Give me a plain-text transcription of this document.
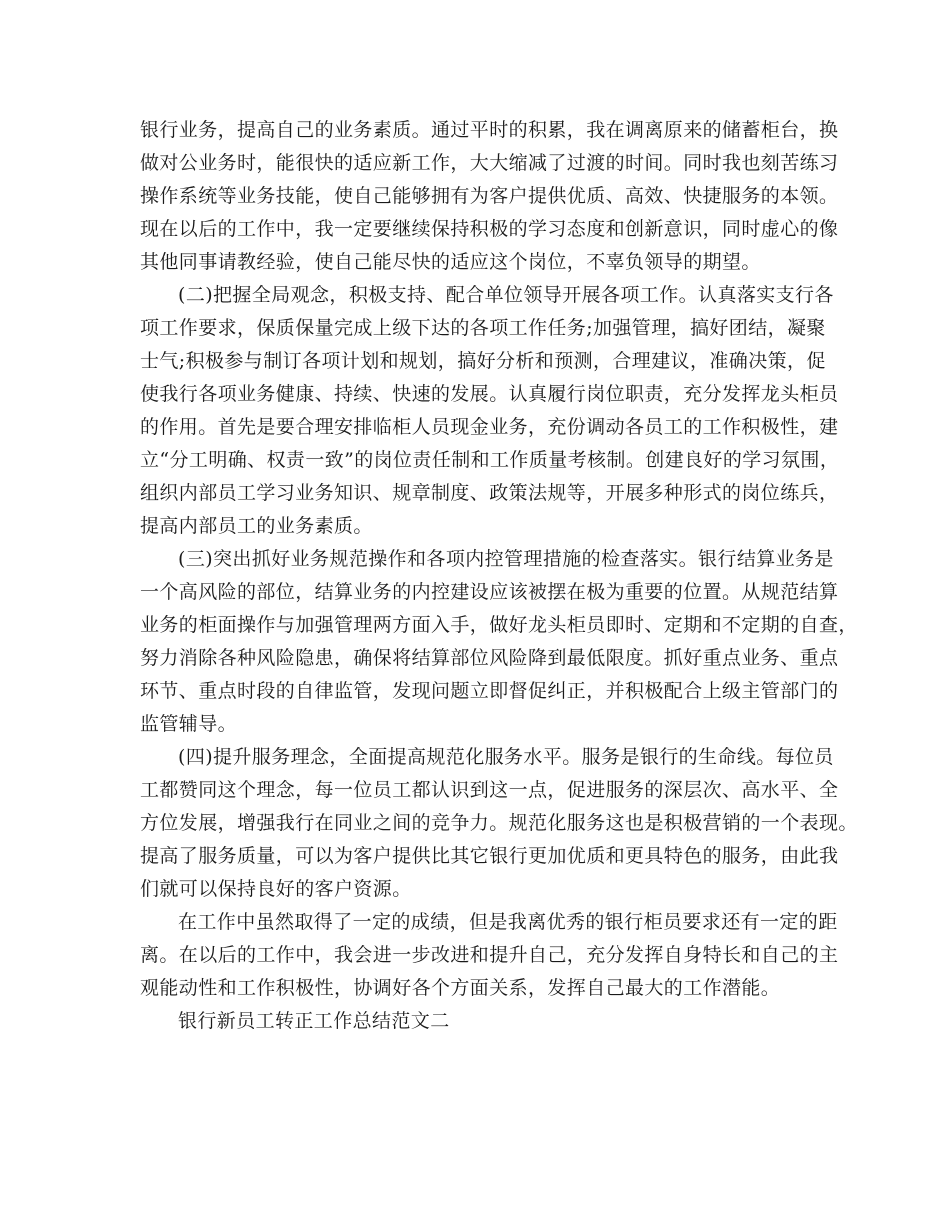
银行业务，提高自己的业务素质。通过平时的积累，我在调离原来的储蓄柜台，换
做对公业务时，能很快的适应新工作，大大缩减了过渡的时间。同时我也刻苦练习
操作系统等业务技能，使自己能够拥有为客户提供优质、高效、快捷服务的本领。
现在以后的工作中，我一定要继续保持积极的学习态度和创新意识，同时虚心的像
其他同事请教经验，使自己能尽快的适应这个岗位，不辜负领导的期望。
(二)把握全局观念，积极支持、配合单位领导开展各项工作。认真落实支行各
项工作要求，保质保量完成上级下达的各项工作任务;加强管理，搞好团结，凝聚
士气;积极参与制订各项计划和规划，搞好分析和预测，合理建议，准确决策，促
使我行各项业务健康、持续、快速的发展。认真履行岗位职责，充分发挥龙头柜员
的作用。首先是要合理安排临柜人员现金业务，充份调动各员工的工作积极性，建
立“分工明确、权责一致”的岗位责任制和工作质量考核制。创建良好的学习氛围，
组织内部员工学习业务知识、规章制度、政策法规等，开展多种形式的岗位练兵，
提高内部员工的业务素质。
(三)突出抓好业务规范操作和各项内控管理措施的检查落实。银行结算业务是
一个高风险的部位，结算业务的内控建设应该被摆在极为重要的位置。从规范结算
业务的柜面操作与加强管理两方面入手，做好龙头柜员即时、定期和不定期的自查，
努力消除各种风险隐患，确保将结算部位风险降到最低限度。抓好重点业务、重点
环节、重点时段的自律监管，发现问题立即督促纠正，并积极配合上级主管部门的
监管辅导。
(四)提升服务理念，全面提高规范化服务水平。服务是银行的生命线。每位员
工都赞同这个理念，每一位员工都认识到这一点，促进服务的深层次、高水平、全
方位发展，增强我行在同业之间的竞争力。规范化服务这也是积极营销的一个表现。
提高了服务质量，可以为客户提供比其它银行更加优质和更具特色的服务，由此我
们就可以保持良好的客户资源。
在工作中虽然取得了一定的成绩，但是我离优秀的银行柜员要求还有一定的距
离。在以后的工作中，我会进一步改进和提升自己，充分发挥自身特长和自己的主
观能动性和工作积极性，协调好各个方面关系，发挥自己最大的工作潜能。
银行新员工转正工作总结范文二
